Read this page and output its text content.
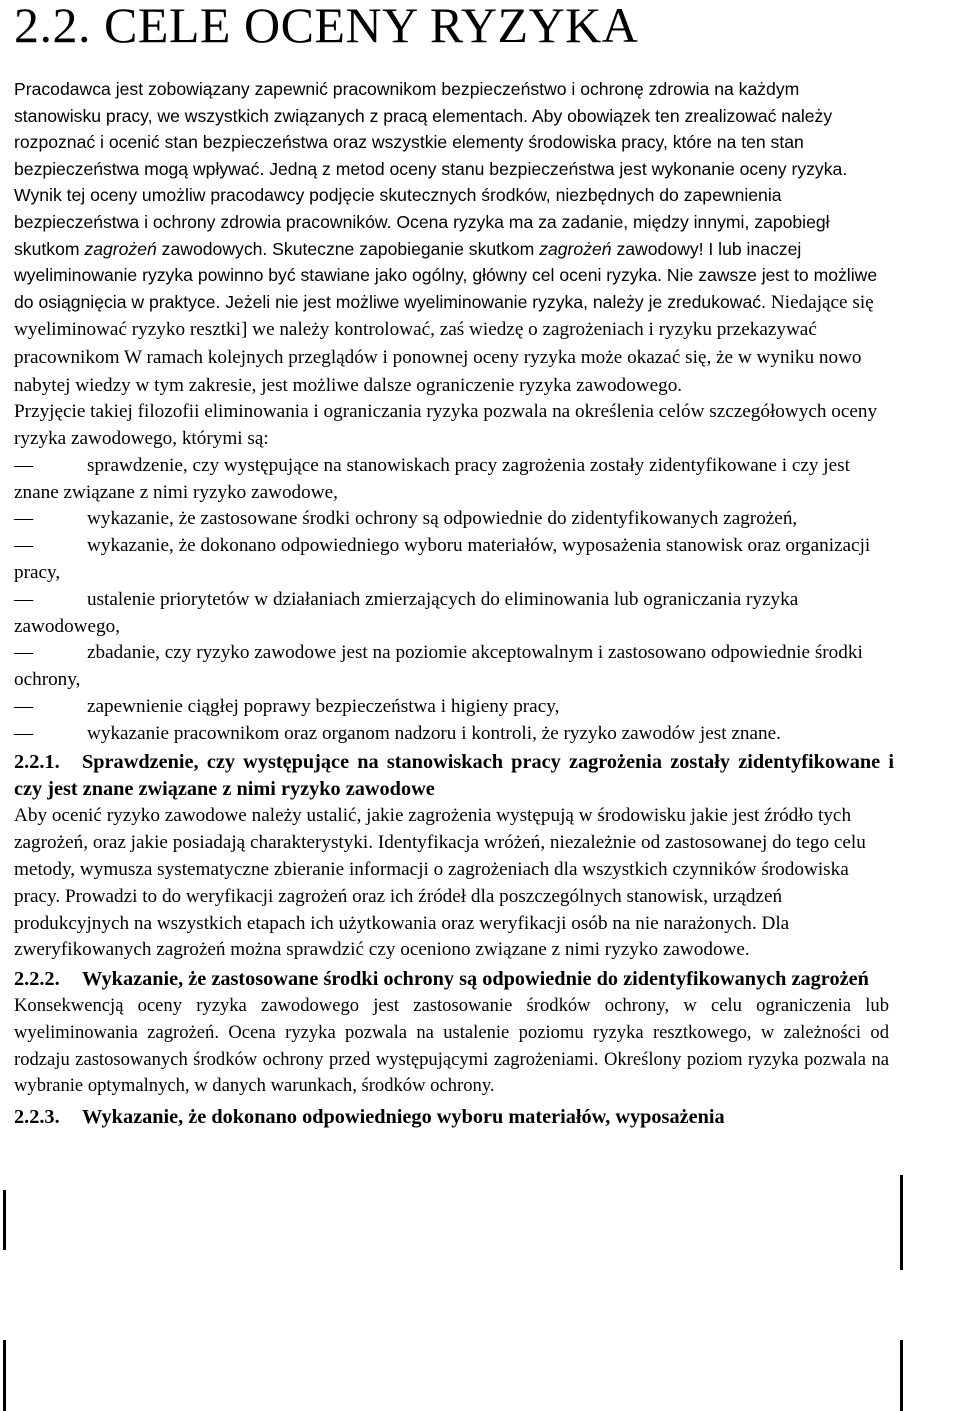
2.2. CELE OCENY RYZYKA

Pracodawca jest zobowiązany zapewnić pracownikom bezpieczeństwo i ochronę zdrowia na każdym stanowisku pracy, we wszystkich związanych z pracą elementach. Aby obowiązek ten zrealizować należy rozpoznać i ocenić stan bezpieczeństwa oraz wszystkie elementy środowiska pracy, które na ten stan bezpieczeństwa mogą wpływać. Jedną z metod oceny stanu bezpieczeństwa jest wykonanie oceny ryzyka. Wynik tej oceny umożliw pracodawcy podjęcie skutecznych środków, niezbędnych do zapewnienia bezpieczeństwa i ochrony zdrowia pracowników. Ocena ryzyka ma za zadanie, między innymi, zapobiegł skutkom zagrożeń zawodowych. Skuteczne zapobieganie skutkom zagrożeń zawodowy! I lub inaczej wyeliminowanie ryzyka powinno być stawiane jako ogólny, główny cel oceni ryzyka. Nie zawsze jest to możliwe do osiągnięcia w praktyce. Jeżeli nie jest możliwe wyeliminowanie ryzyka, należy je zredukować. Niedające się wyeliminować ryzyko resztki] we należy kontrolować, zaś wiedzę o zagrożeniach i ryzyku przekazywać pracownikom W ramach kolejnych przeglądów i ponownej oceny ryzyka może okazać się, że w wyniku nowo nabytej wiedzy w tym zakresie, jest możliwe dalsze ograniczenie ryzyka zawodowego.

Przyjęcie takiej filozofii eliminowania i ograniczania ryzyka pozwala na określenia celów szczegółowych oceny ryzyka zawodowego, którymi są:

—	sprawdzenie, czy występujące na stanowiskach pracy zagrożenia zostały zidentyfikowane i czy jest znane związane z nimi ryzyko zawodowe,
—	wykazanie, że zastosowane środki ochrony są odpowiednie do zidentyfikowanych zagrożeń,
—	wykazanie, że dokonano odpowiedniego wyboru materiałów, wyposażenia stanowisk oraz organizacji pracy,
—	ustalenie priorytetów w działaniach zmierzających do eliminowania lub ograniczania ryzyka zawodowego,
—	zbadanie, czy ryzyko zawodowe jest na poziomie akceptowalnym i zastosowano odpowiednie środki ochrony,
—	zapewnienie ciągłej poprawy bezpieczeństwa i higieny pracy,
—	wykazanie pracownikom oraz organom nadzoru i kontroli, że ryzyko zawodów jest znane.
2.2.1. Sprawdzenie, czy występujące na stanowiskach pracy zagrożenia zostały zidentyfikowane i czy jest znane związane z nimi ryzyko zawodowe

Aby ocenić ryzyko zawodowe należy ustalić, jakie zagrożenia występują w środowisku jakie jest źródło tych zagrożeń, oraz jakie posiadają charakterystyki. Identyfikacja wróżeń, niezależnie od zastosowanej do tego celu metody, wymusza systematyczne zbieranie informacji o zagrożeniach dla wszystkich czynników środowiska pracy. Prowadzi to do weryfikacji zagrożeń oraz ich źródeł dla poszczególnych stanowisk, urządzeń produkcyjnych na wszystkich etapach ich użytkowania oraz weryfikacji osób na nie narażonych. Dla zweryfikowanych zagrożeń można sprawdzić czy oceniono związane z nimi ryzyko zawodowe.

2.2.2. Wykazanie, że zastosowane środki ochrony są odpowiednie do zidentyfikowanych zagrożeń

Konsekwencją oceny ryzyka zawodowego jest zastosowanie środków ochrony, w celu ograniczenia lub wyeliminowania zagrożeń. Ocena ryzyka pozwala na ustalenie poziomu ryzyka resztkowego, w zależności od rodzaju zastosowanych środków ochrony przed występującymi zagrożeniami. Określony poziom ryzyka pozwala na wybranie optymalnych, w danych warunkach, środków ochrony.

2.2.3. Wykazanie, że dokonano odpowiedniego wyboru materiałów, wyposażenia
